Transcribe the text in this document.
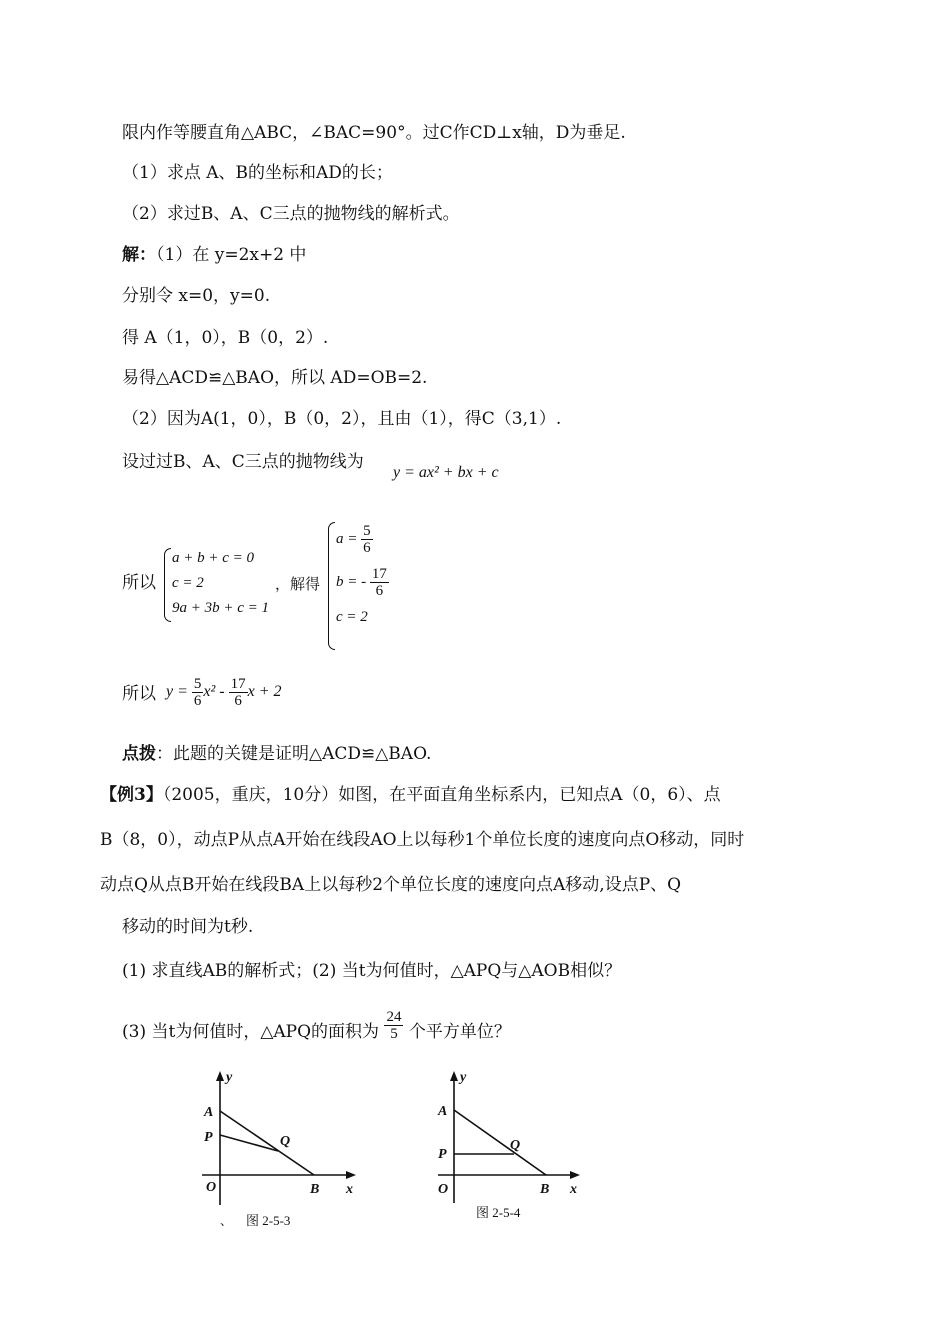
限内作等腰直角△ABC，∠BAC=90°。过C作CD⊥x轴，D为垂足.
（1）求点 A、B的坐标和AD的长；
（2）求过B、A、C三点的抛物线的解析式。
解：（1）在 y=2x+2 中
分别令 x=0，y=0.
得 A（1，0），B（0，2）.
易得△ACD≌△BAO，所以 AD=OB=2.
（2）因为A(1，0），B（0，2），且由（1），得C（3,1）.
设过过B、A、C三点的抛物线为
y = ax² + bx + c
所以
a + b + c = 0
c = 2
9a + 3b + c = 1
，解得
$a = \frac{5}{6}$
b = - $\frac{17}{6}$
c = 2
所以 $y = \frac{5}{6} x^2 - \frac{17}{6}$ x + 2
点拨：此题的关键是证明△ACD≌△BAO.
【例3】（2005，重庆，10分）如图，在平面直角坐标系内，已知点A（0，6）、点
B（8，0），动点P从点A开始在线段AO上以每秒1个单位长度的速度向点O移动，同时
动点Q从点B开始在线段BA上以每秒2个单位长度的速度向点A移动,设点P、Q
移动的时间为t秒.
(1) 求直线AB的解析式；(2) 当t为何值时，△APQ与△AOB相似？
(3) 当t为何值时，△APQ的面积为 $\frac{24}{5}$ 个平方单位？
y
A
P	Q
O	B x
、 图 2-5-3
y
A
P
Q
O	B x
图 2-5-4
